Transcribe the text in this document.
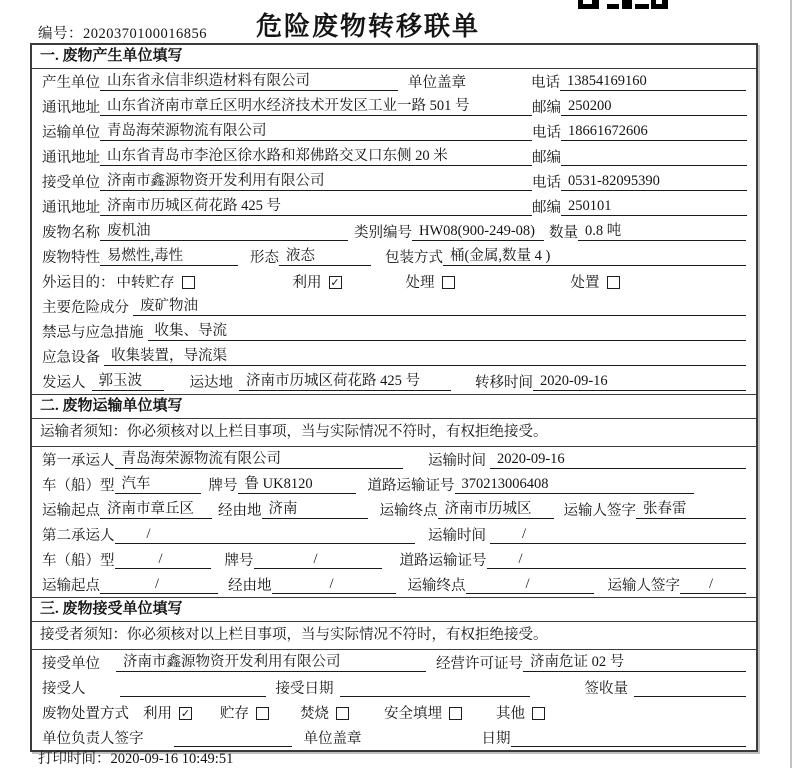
编号：2020370100016856	危险废物转移联单
一. 废物产生单位填写
产生单位 山东省永信非织造材料有限公司	单位盖章	电话 13854169160
通讯地址 山东省济南市章丘区明水经济技术开发区工业一路 501 号	邮编 250200
运输单位 青岛海荣源物流有限公司	电话 18661672606
通讯地址 山东省青岛市李沧区徐水路和郑佛路交叉口东侧 20 米	邮编
接受单位 济南市鑫源物资开发利用有限公司	电话 0531-82095390
通讯地址 济南市历城区荷花路 425 号	邮编 250101
废物名称 废机油	类别编号 HW08(900-249-08) 数量 0.8 吨
废物特性 易燃性,毒性	形态 液态	包装方式 桶(金属,数量 4 )
外运目的： 中转贮存	利用 ✓	处理	处置
主要危险成分 废矿物油
禁忌与应急措施 收集、导流
应急设备 收集装置，导流渠
发运人 郭玉波	运达地 济南市历城区荷花路 425 号	转移时间 2020-09-16
二. 废物运输单位填写
运输者须知：你必须核对以上栏目事项，当与实际情况不符时，有权拒绝接受。
第一承运人 青岛海荣源物流有限公司	运输时间 2020-09-16
车（船）型 汽车	牌号 鲁 UK8120	道路运输证号 370213006408
运输起点 济南市章丘区	经由地 济南	运输终点 济南市历城区	运输人签字 张春雷
第二承运人	/	运输时间	/
车（船）型	/	牌号	/	道路运输证号	/
运输起点	/	经由地	/	运输终点	/	运输人签字	/
三. 废物接受单位填写
接受者须知：你必须核对以上栏目事项，当与实际情况不符时，有权拒绝接受。
接受单位	济南市鑫源物资开发利用有限公司	经营许可证号 济南危证 02 号
接受人	接受日期	签收量
废物处置方式 利用 ✓ 贮存	焚烧	安全填埋	其他
单位负责人签字	单位盖章	日期
打印时间：2020-09-16 10:49:51
